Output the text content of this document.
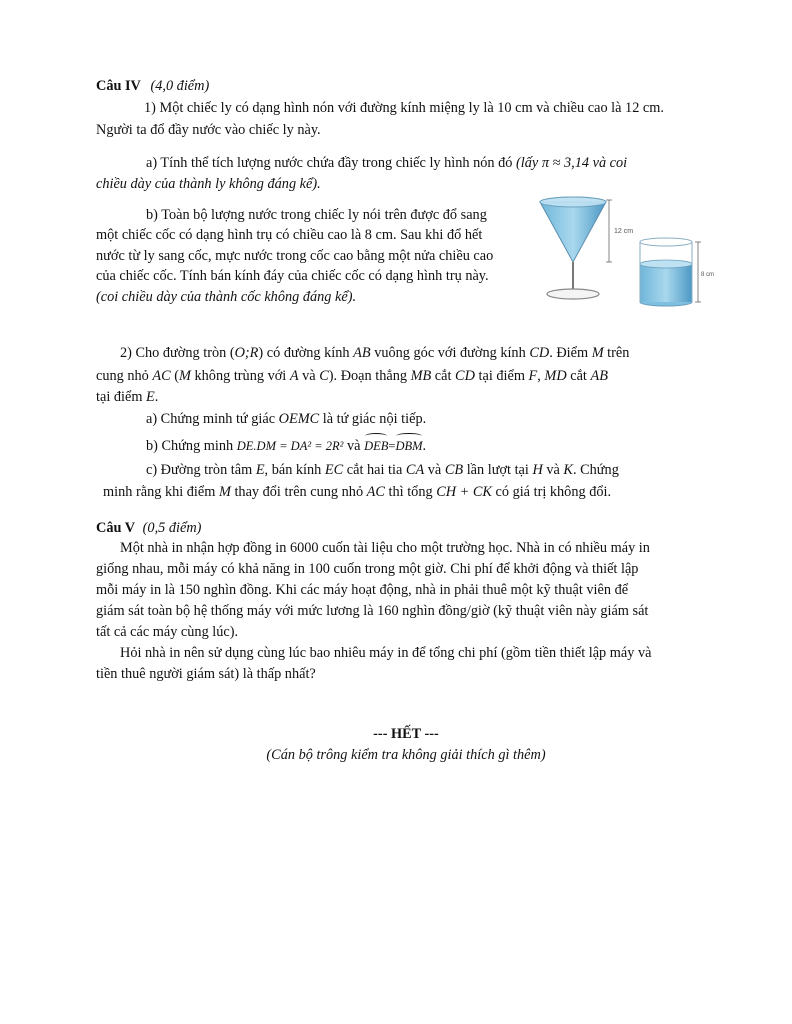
Câu IV (4,0 điểm)
1) Một chiếc ly có dạng hình nón với đường kính miệng ly là 10 cm và chiều cao là 12 cm.
Người ta đổ đầy nước vào chiếc ly này.
a) Tính thể tích lượng nước chứa đầy trong chiếc ly hình nón đó (lấy π ≈ 3,14 và coi
chiều dày của thành ly không đáng kể).
b) Toàn bộ lượng nước trong chiếc ly nói trên được đổ sang
một chiếc cốc có dạng hình trụ có chiều cao là 8 cm. Sau khi đổ hết
nước từ ly sang cốc, mực nước trong cốc cao bằng một nửa chiều cao
của chiếc cốc. Tính bán kính đáy của chiếc cốc có dạng hình trụ này.
(coi chiều dày của thành cốc không đáng kể).
12 cm
8 cm
2) Cho đường tròn (O;R) có đường kính AB vuông góc với đường kính CD. Điểm M trên
cung nhỏ AC (M không trùng với A và C). Đoạn thẳng MB cắt CD tại điểm F, MD cắt AB
tại điểm E.
a) Chứng minh tứ giác OEMC là tứ giác nội tiếp.
b) Chứng minh DE.DM = DA² = 2R² và DEB=DBM.
c) Đường tròn tâm E, bán kính EC cắt hai tia CA và CB lần lượt tại H và K. Chứng
minh rằng khi điểm M thay đổi trên cung nhỏ AC thì tổng CH + CK có giá trị không đổi.
Câu V (0,5 điểm)
Một nhà in nhận hợp đồng in 6000 cuốn tài liệu cho một trường học. Nhà in có nhiều máy in
giống nhau, mỗi máy có khả năng in 100 cuốn trong một giờ. Chi phí để khởi động và thiết lập
mỗi máy in là 150 nghìn đồng. Khi các máy hoạt động, nhà in phải thuê một kỹ thuật viên để
giám sát toàn bộ hệ thống máy với mức lương là 160 nghìn đồng/giờ (kỹ thuật viên này giám sát
tất cả các máy cùng lúc).
Hỏi nhà in nên sử dụng cùng lúc bao nhiêu máy in để tổng chi phí (gồm tiền thiết lập máy và
tiền thuê người giám sát) là thấp nhất?
--- HẾT ---
(Cán bộ trông kiểm tra không giải thích gì thêm)
